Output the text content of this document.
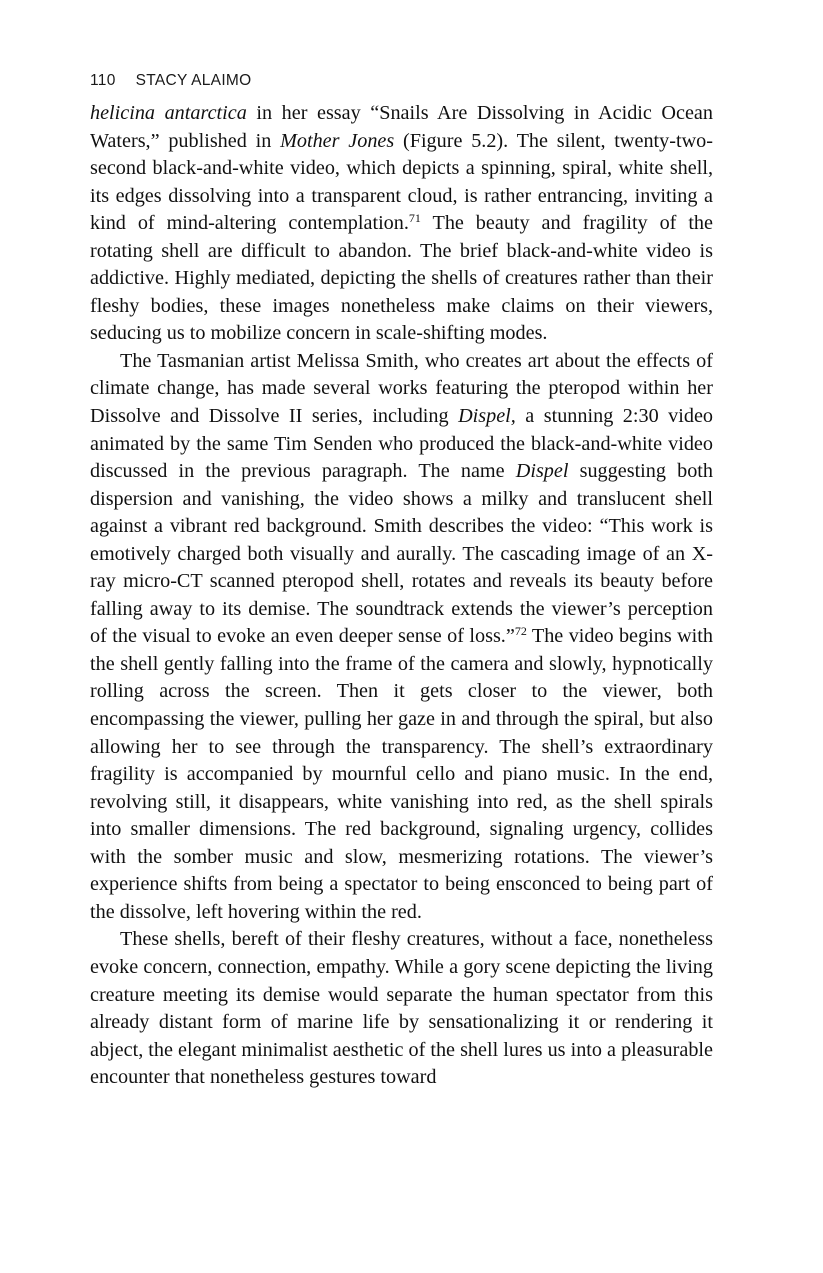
110 STACY ALAIMO

helicina antarctica in her essay “Snails Are Dissolving in Acidic Ocean Waters,” published in Mother Jones (Figure 5.2). The silent, twenty-two-second black-and-white video, which depicts a spinning, spiral, white shell, its edges dissolving into a transparent cloud, is rather entrancing, inviting a kind of mind-altering contemplation.$^{71}$ The beauty and fragility of the rotating shell are difficult to abandon. The brief black-and-white video is addictive. Highly mediated, depicting the shells of creatures rather than their fleshy bodies, these images nonetheless make claims on their viewers, seducing us to mobilize concern in scale-shifting modes.

The Tasmanian artist Melissa Smith, who creates art about the effects of climate change, has made several works featuring the pteropod within her Dissolve and Dissolve II series, including Dispel, a stunning 2:30 video animated by the same Tim Senden who produced the black-and-white video discussed in the previous paragraph. The name Dispel suggesting both dispersion and vanishing, the video shows a milky and translucent shell against a vibrant red background. Smith describes the video: “This work is emotively charged both visually and aurally. The cascading image of an X-ray micro-CT scanned pteropod shell, rotates and reveals its beauty before falling away to its demise. The soundtrack extends the viewer’s perception of the visual to evoke an even deeper sense of loss.”$^{72}$ The video begins with the shell gently falling into the frame of the camera and slowly, hypnotically rolling across the screen. Then it gets closer to the viewer, both encompassing the viewer, pulling her gaze in and through the spiral, but also allowing her to see through the transparency. The shell’s extraordinary fragility is accompanied by mournful cello and piano music. In the end, revolving still, it disappears, white vanishing into red, as the shell spirals into smaller dimensions. The red background, signaling urgency, collides with the somber music and slow, mesmerizing rotations. The viewer’s experience shifts from being a spectator to being ensconced to being part of the dissolve, left hovering within the red.

These shells, bereft of their fleshy creatures, without a face, nonetheless evoke concern, connection, empathy. While a gory scene depicting the living creature meeting its demise would separate the human spectator from this already distant form of marine life by sensationalizing it or rendering it abject, the elegant minimalist aesthetic of the shell lures us into a pleasurable encounter that nonetheless gestures toward
